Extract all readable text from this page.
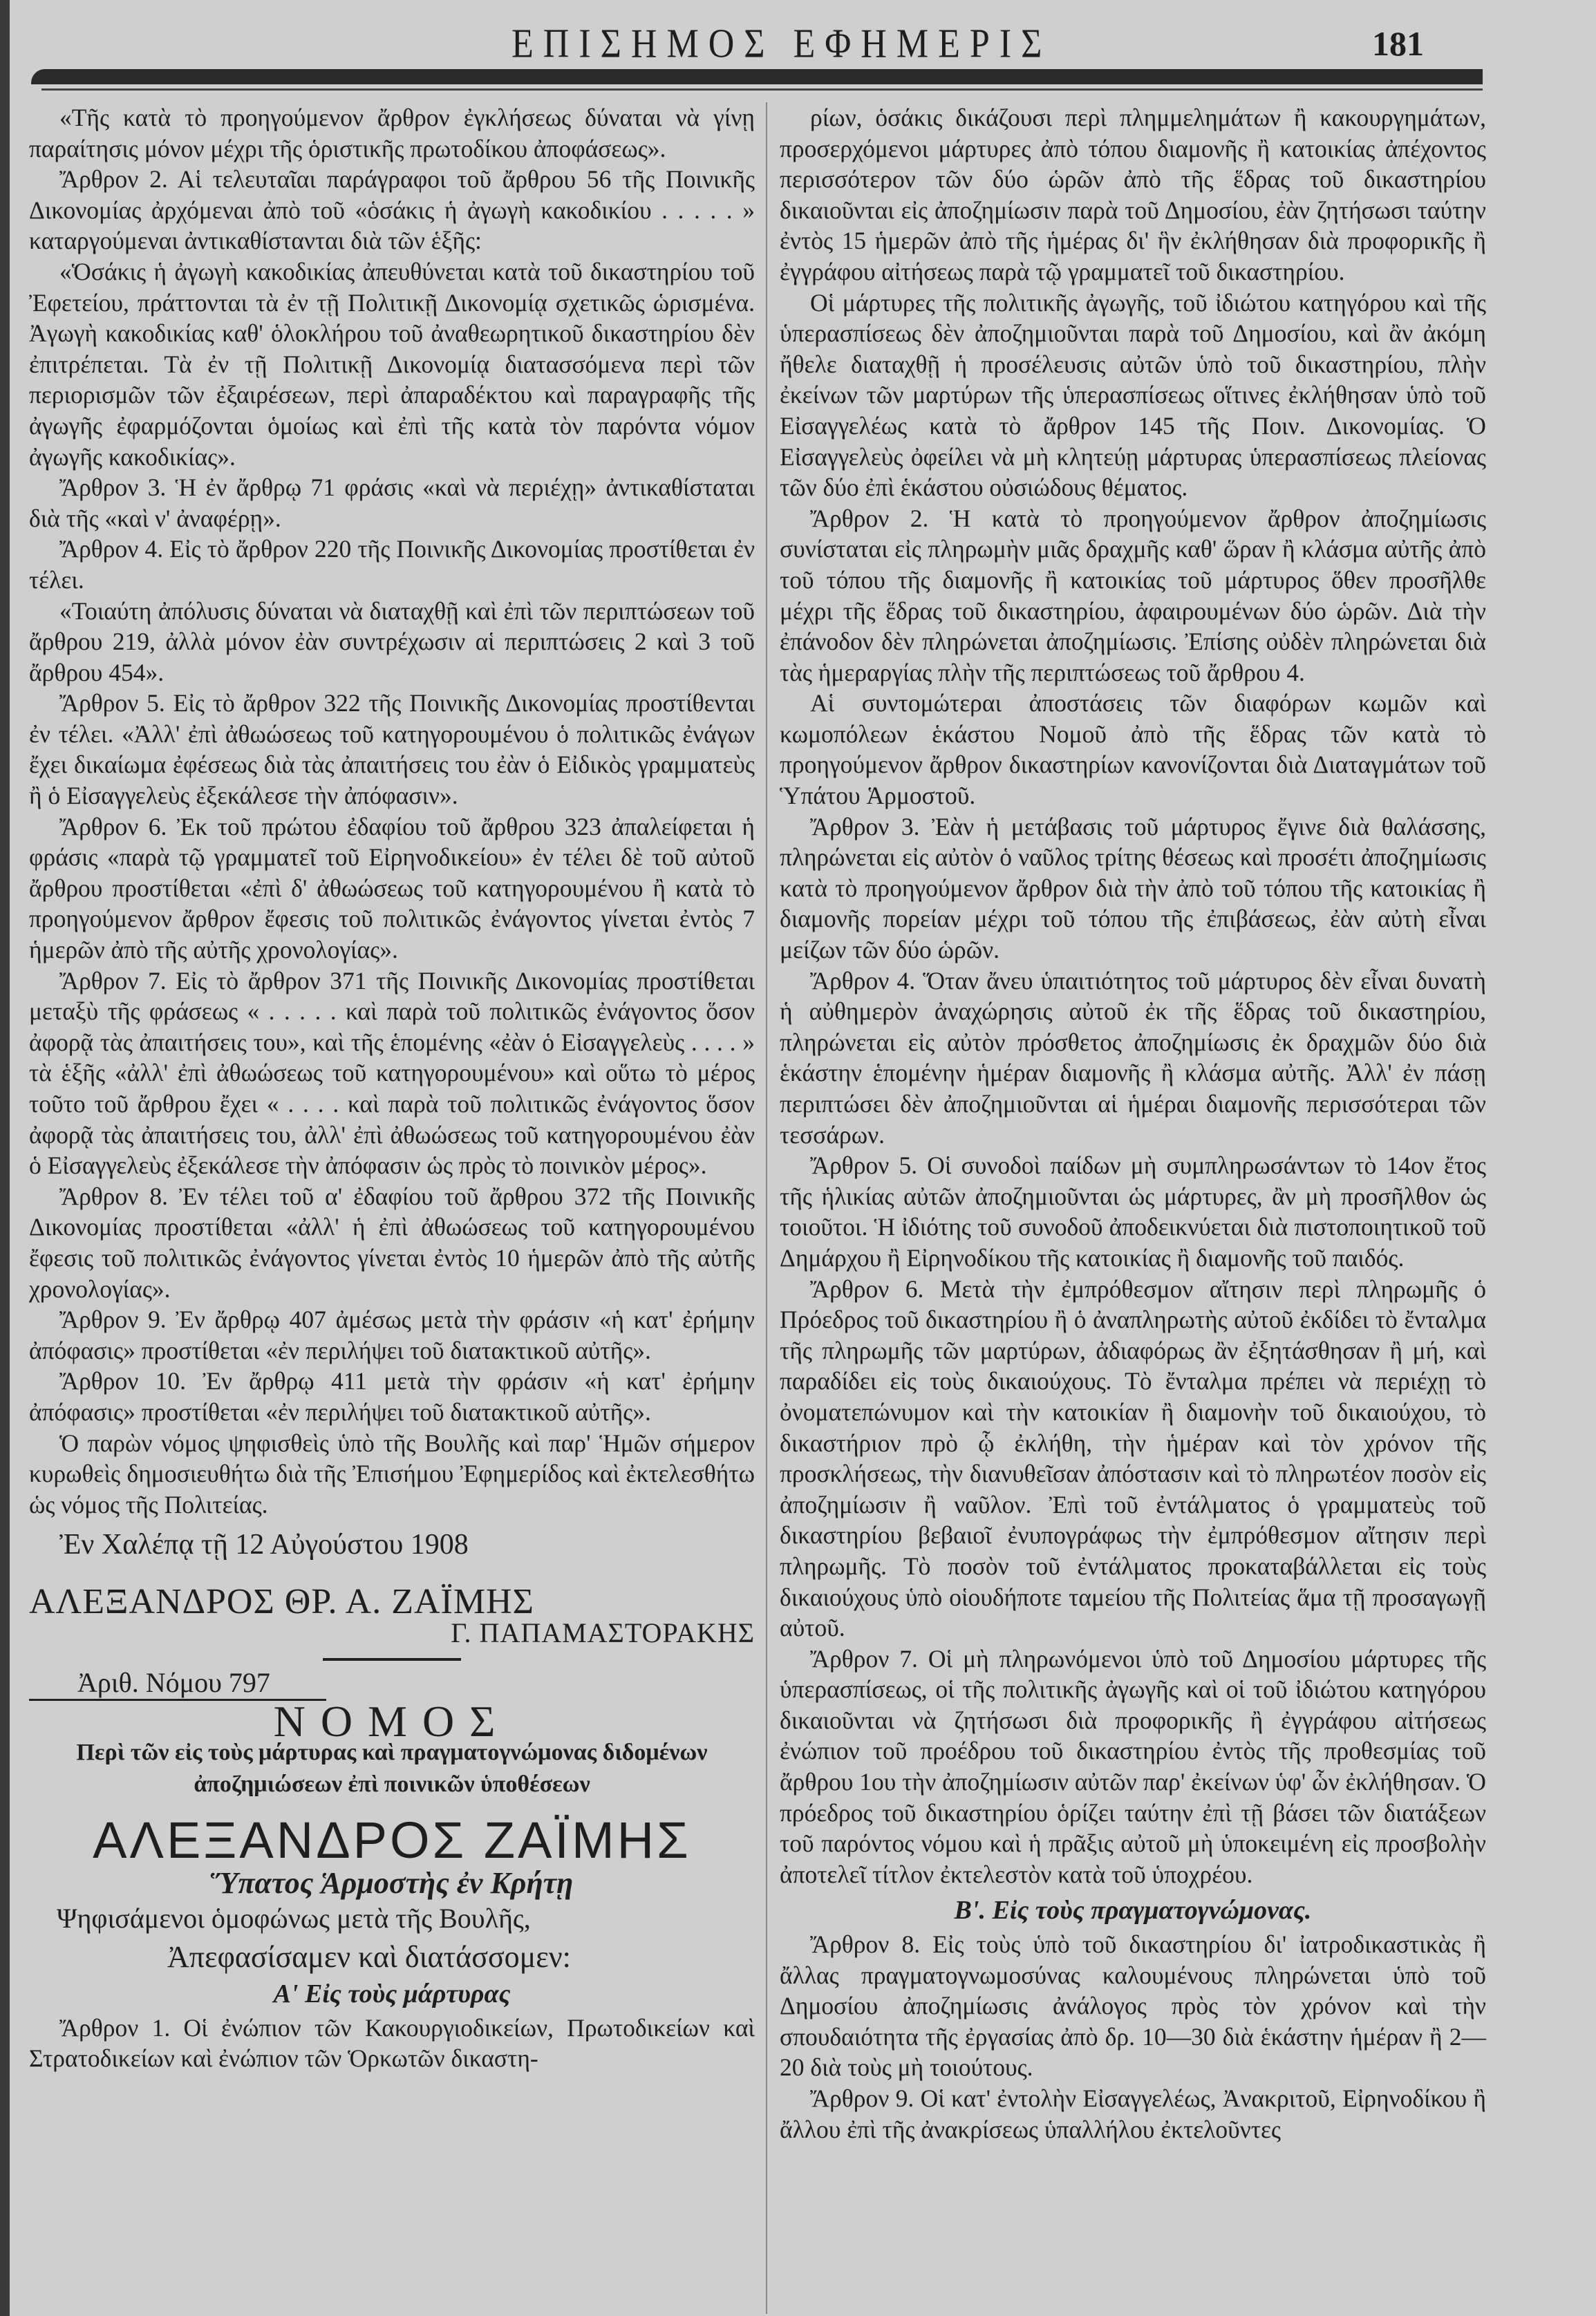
ΕΠΙΣΗΜΟΣ ΕΦΗΜΕΡΙΣ	181

«Τῆς κατὰ τὸ προηγούμενον ἄρθρον ἐγκλήσεως δύναται νὰ γίνῃ παραίτησις μόνον μέχρι τῆς ὁριστικῆς πρωτοδίκου ἀποφάσεως».

Ἄρθρον 2. Αἱ τελευταῖαι παράγραφοι τοῦ ἄρθρου 56 τῆς Ποινικῆς Δικονομίας ἀρχόμεναι ἀπὸ τοῦ «ὁσάκις ἡ ἀγωγὴ κακοδικίου . . . . . » καταργούμεναι ἀντικαθίστανται διὰ τῶν ἑξῆς:

«Ὁσάκις ἡ ἀγωγὴ κακοδικίας ἀπευθύνεται κατὰ τοῦ δικαστηρίου τοῦ Ἐφετείου, πράττονται τὰ ἐν τῇ Πολιτικῇ Δικονομίᾳ σχετικῶς ὡρισμένα. Ἀγωγὴ κακοδικίας καθ' ὁλοκλήρου τοῦ ἀναθεωρητικοῦ δικαστηρίου δὲν ἐπιτρέπεται. Τὰ ἐν τῇ Πολιτικῇ Δικονομίᾳ διατασσόμενα περὶ τῶν περιορισμῶν τῶν ἐξαιρέσεων, περὶ ἀπαραδέκτου καὶ παραγραφῆς τῆς ἀγωγῆς ἐφαρμόζονται ὁμοίως καὶ ἐπὶ τῆς κατὰ τὸν παρόντα νόμον ἀγωγῆς κακοδικίας».

Ἄρθρον 3. Ἡ ἐν ἄρθρῳ 71 φράσις «καὶ νὰ περιέχῃ» ἀντικαθίσταται διὰ τῆς «καὶ ν' ἀναφέρῃ».

Ἄρθρον 4. Εἰς τὸ ἄρθρον 220 τῆς Ποινικῆς Δικονομίας προστίθεται ἐν τέλει.

«Τοιαύτη ἀπόλυσις δύναται νὰ διαταχθῇ καὶ ἐπὶ τῶν περιπτώσεων τοῦ ἄρθρου 219, ἀλλὰ μόνον ἐὰν συντρέχωσιν αἱ περιπτώσεις 2 καὶ 3 τοῦ ἄρθρου 454».

Ἄρθρον 5. Εἰς τὸ ἄρθρον 322 τῆς Ποινικῆς Δικονομίας προστίθενται ἐν τέλει. «Ἀλλ' ἐπὶ ἀθωώσεως τοῦ κατηγορουμένου ὁ πολιτικῶς ἐνάγων ἔχει δικαίωμα ἐφέσεως διὰ τὰς ἀπαιτήσεις του ἐὰν ὁ Εἰδικὸς γραμματεὺς ἢ ὁ Εἰσαγγελεὺς ἐξεκάλεσε τὴν ἀπόφασιν».

Ἄρθρον 6. Ἐκ τοῦ πρώτου ἐδαφίου τοῦ ἄρθρου 323 ἀπαλείφεται ἡ φράσις «παρὰ τῷ γραμματεῖ τοῦ Εἰρηνοδικείου» ἐν τέλει δὲ τοῦ αὐτοῦ ἄρθρου προστίθεται «ἐπὶ δ' ἀθωώσεως τοῦ κατηγορουμένου ἢ κατὰ τὸ προηγούμενον ἄρθρον ἔφεσις τοῦ πολιτικῶς ἐνάγοντος γίνεται ἐντὸς 7 ἡμερῶν ἀπὸ τῆς αὐτῆς χρονολογίας».

Ἄρθρον 7. Εἰς τὸ ἄρθρον 371 τῆς Ποινικῆς Δικονομίας προστίθεται μεταξὺ τῆς φράσεως « . . . . . καὶ παρὰ τοῦ πολιτικῶς ἐνάγοντος ὅσον ἀφορᾷ τὰς ἀπαιτήσεις του», καὶ τῆς ἑπομένης «ἐὰν ὁ Εἰσαγγελεὺς . . . . » τὰ ἑξῆς «ἀλλ' ἐπὶ ἀθωώσεως τοῦ κατηγορουμένου» καὶ οὕτω τὸ μέρος τοῦτο τοῦ ἄρθρου ἔχει « . . . . καὶ παρὰ τοῦ πολιτικῶς ἐνάγοντος ὅσον ἀφορᾷ τὰς ἀπαιτήσεις του, ἀλλ' ἐπὶ ἀθωώσεως τοῦ κατηγορουμένου ἐὰν ὁ Εἰσαγγελεὺς ἐξεκάλεσε τὴν ἀπόφασιν ὡς πρὸς τὸ ποινικὸν μέρος».

Ἄρθρον 8. Ἐν τέλει τοῦ α' ἐδαφίου τοῦ ἄρθρου 372 τῆς Ποινικῆς Δικονομίας προστίθεται «ἀλλ' ἡ ἐπὶ ἀθωώσεως τοῦ κατηγορουμένου ἔφεσις τοῦ πολιτικῶς ἐνάγοντος γίνεται ἐντὸς 10 ἡμερῶν ἀπὸ τῆς αὐτῆς χρονολογίας».

Ἄρθρον 9. Ἐν ἄρθρῳ 407 ἀμέσως μετὰ τὴν φράσιν «ἡ κατ' ἐρήμην ἀπόφασις» προστίθεται «ἐν περιλήψει τοῦ διατακτικοῦ αὐτῆς».

Ἄρθρον 10. Ἐν ἄρθρῳ 411 μετὰ τὴν φράσιν «ἡ κατ' ἐρήμην ἀπόφασις» προστίθεται «ἐν περιλήψει τοῦ διατακτικοῦ αὐτῆς».

Ὁ παρὼν νόμος ψηφισθεὶς ὑπὸ τῆς Βουλῆς καὶ παρ' Ἡμῶν σήμερον κυρωθεὶς δημοσιευθήτω διὰ τῆς Ἐπισήμου Ἐφημερίδος καὶ ἐκτελεσθήτω ὡς νόμος τῆς Πολιτείας.

Ἐν Χαλέπᾳ τῇ 12 Αὐγούστου 1908
ΑΛΕΞΑΝΔΡΟΣ ΘΡ. Α. ΖΑΪΜΗΣ
Γ. ΠΑΠΑΜΑΣΤΟΡΑΚΗΣ
Ἀριθ. Νόμου 797
ΝΟΜΟΣ
Περὶ τῶν εἰς τοὺς μάρτυρας καὶ πραγματογνώμονας διδομένων ἀποζημιώσεων ἐπὶ ποινικῶν ὑποθέσεων
ΑΛΕΞΑΝΔΡΟΣ ΖΑΪΜΗΣ
Ὕπατος Ἁρμοστὴς ἐν Κρήτῃ
Ψηφισάμενοι ὁμοφώνως μετὰ τῆς Βουλῆς,
Ἀπεφασίσαμεν καὶ διατάσσομεν:
Α' Εἰς τοὺς μάρτυρας

Ἄρθρον 1. Οἱ ἐνώπιον τῶν Κακουργιοδικείων, Πρωτοδικείων καὶ Στρατοδικείων καὶ ἐνώπιον τῶν Ὁρκωτῶν δικαστη-

ρίων, ὁσάκις δικάζουσι περὶ πλημμελημάτων ἢ κακουργημάτων, προσερχόμενοι μάρτυρες ἀπὸ τόπου διαμονῆς ἢ κατοικίας ἀπέχοντος περισσότερον τῶν δύο ὡρῶν ἀπὸ τῆς ἕδρας τοῦ δικαστηρίου δικαιοῦνται εἰς ἀποζημίωσιν παρὰ τοῦ Δημοσίου, ἐὰν ζητήσωσι ταύτην ἐντὸς 15 ἡμερῶν ἀπὸ τῆς ἡμέρας δι' ἣν ἐκλήθησαν διὰ προφορικῆς ἢ ἐγγράφου αἰτήσεως παρὰ τῷ γραμματεῖ τοῦ δικαστηρίου.

Οἱ μάρτυρες τῆς πολιτικῆς ἀγωγῆς, τοῦ ἰδιώτου κατηγόρου καὶ τῆς ὑπερασπίσεως δὲν ἀποζημιοῦνται παρὰ τοῦ Δημοσίου, καὶ ἂν ἀκόμη ἤθελε διαταχθῇ ἡ προσέλευσις αὐτῶν ὑπὸ τοῦ δικαστηρίου, πλὴν ἐκείνων τῶν μαρτύρων τῆς ὑπερασπίσεως οἵτινες ἐκλήθησαν ὑπὸ τοῦ Εἰσαγγελέως κατὰ τὸ ἄρθρον 145 τῆς Ποιν. Δικονομίας. Ὁ Εἰσαγγελεὺς ὀφείλει νὰ μὴ κλητεύῃ μάρτυρας ὑπερασπίσεως πλείονας τῶν δύο ἐπὶ ἑκάστου οὐσιώδους θέματος.

Ἄρθρον 2. Ἡ κατὰ τὸ προηγούμενον ἄρθρον ἀποζημίωσις συνίσταται εἰς πληρωμὴν μιᾶς δραχμῆς καθ' ὥραν ἢ κλάσμα αὐτῆς ἀπὸ τοῦ τόπου τῆς διαμονῆς ἢ κατοικίας τοῦ μάρτυρος ὅθεν προσῆλθε μέχρι τῆς ἕδρας τοῦ δικαστηρίου, ἀφαιρουμένων δύο ὡρῶν. Διὰ τὴν ἐπάνοδον δὲν πληρώνεται ἀποζημίωσις. Ἐπίσης οὐδὲν πληρώνεται διὰ τὰς ἡμεραργίας πλὴν τῆς περιπτώσεως τοῦ ἄρθρου 4.

Αἱ συντομώτεραι ἀποστάσεις τῶν διαφόρων κωμῶν καὶ κωμοπόλεων ἑκάστου Νομοῦ ἀπὸ τῆς ἕδρας τῶν κατὰ τὸ προηγούμενον ἄρθρον δικαστηρίων κανονίζονται διὰ Διαταγμάτων τοῦ Ὑπάτου Ἁρμοστοῦ.

Ἄρθρον 3. Ἐὰν ἡ μετάβασις τοῦ μάρτυρος ἔγινε διὰ θαλάσσης, πληρώνεται εἰς αὐτὸν ὁ ναῦλος τρίτης θέσεως καὶ προσέτι ἀποζημίωσις κατὰ τὸ προηγούμενον ἄρθρον διὰ τὴν ἀπὸ τοῦ τόπου τῆς κατοικίας ἢ διαμονῆς πορείαν μέχρι τοῦ τόπου τῆς ἐπιβάσεως, ἐὰν αὐτὴ εἶναι μείζων τῶν δύο ὡρῶν.

Ἄρθρον 4. Ὅταν ἄνευ ὑπαιτιότητος τοῦ μάρτυρος δὲν εἶναι δυνατὴ ἡ αὐθημερὸν ἀναχώρησις αὐτοῦ ἐκ τῆς ἕδρας τοῦ δικαστηρίου, πληρώνεται εἰς αὐτὸν πρόσθετος ἀποζημίωσις ἐκ δραχμῶν δύο διὰ ἑκάστην ἑπομένην ἡμέραν διαμονῆς ἢ κλάσμα αὐτῆς. Ἀλλ' ἐν πάσῃ περιπτώσει δὲν ἀποζημιοῦνται αἱ ἡμέραι διαμονῆς περισσότεραι τῶν τεσσάρων.

Ἄρθρον 5. Οἱ συνοδοὶ παίδων μὴ συμπληρωσάντων τὸ 14ον ἔτος τῆς ἡλικίας αὐτῶν ἀποζημιοῦνται ὡς μάρτυρες, ἂν μὴ προσῆλθον ὡς τοιοῦτοι. Ἡ ἰδιότης τοῦ συνοδοῦ ἀποδεικνύεται διὰ πιστοποιητικοῦ τοῦ Δημάρχου ἢ Εἰρηνοδίκου τῆς κατοικίας ἢ διαμονῆς τοῦ παιδός.

Ἄρθρον 6. Μετὰ τὴν ἐμπρόθεσμον αἴτησιν περὶ πληρωμῆς ὁ Πρόεδρος τοῦ δικαστηρίου ἢ ὁ ἀναπληρωτὴς αὐτοῦ ἐκδίδει τὸ ἔνταλμα τῆς πληρωμῆς τῶν μαρτύρων, ἀδιαφόρως ἂν ἐξητάσθησαν ἢ μή, καὶ παραδίδει εἰς τοὺς δικαιούχους. Τὸ ἔνταλμα πρέπει νὰ περιέχῃ τὸ ὀνοματεπώνυμον καὶ τὴν κατοικίαν ἢ διαμονὴν τοῦ δικαιούχου, τὸ δικαστήριον πρὸ ᾧ ἐκλήθη, τὴν ἡμέραν καὶ τὸν χρόνον τῆς προσκλήσεως, τὴν διανυθεῖσαν ἀπόστασιν καὶ τὸ πληρωτέον ποσὸν εἰς ἀποζημίωσιν ἢ ναῦλον. Ἐπὶ τοῦ ἐντάλματος ὁ γραμματεὺς τοῦ δικαστηρίου βεβαιοῖ ἐνυπογράφως τὴν ἐμπρόθεσμον αἴτησιν περὶ πληρωμῆς. Τὸ ποσὸν τοῦ ἐντάλματος προκαταβάλλεται εἰς τοὺς δικαιούχους ὑπὸ οἱουδήποτε ταμείου τῆς Πολιτείας ἅμα τῇ προσαγωγῇ αὐτοῦ.

Ἄρθρον 7. Οἱ μὴ πληρωνόμενοι ὑπὸ τοῦ Δημοσίου μάρτυρες τῆς ὑπερασπίσεως, οἱ τῆς πολιτικῆς ἀγωγῆς καὶ οἱ τοῦ ἰδιώτου κατηγόρου δικαιοῦνται νὰ ζητήσωσι διὰ προφορικῆς ἢ ἐγγράφου αἰτήσεως ἐνώπιον τοῦ προέδρου τοῦ δικαστηρίου ἐντὸς τῆς προθεσμίας τοῦ ἄρθρου 1ου τὴν ἀποζημίωσιν αὐτῶν παρ' ἐκείνων ὑφ' ὧν ἐκλήθησαν. Ὁ πρόεδρος τοῦ δικαστηρίου ὁρίζει ταύτην ἐπὶ τῇ βάσει τῶν διατάξεων τοῦ παρόντος νόμου καὶ ἡ πρᾶξις αὐτοῦ μὴ ὑποκειμένη εἰς προσβολὴν ἀποτελεῖ τίτλον ἐκτελεστὸν κατὰ τοῦ ὑποχρέου.

Β'. Εἰς τοὺς πραγματογνώμονας.

Ἄρθρον 8. Εἰς τοὺς ὑπὸ τοῦ δικαστηρίου δι' ἰατροδικαστικὰς ἢ ἄλλας πραγματογνωμοσύνας καλουμένους πληρώνεται ὑπὸ τοῦ Δημοσίου ἀποζημίωσις ἀνάλογος πρὸς τὸν χρόνον καὶ τὴν σπουδαιότητα τῆς ἐργασίας ἀπὸ δρ. 10—30 διὰ ἑκάστην ἡμέραν ἢ 2—20 διὰ τοὺς μὴ τοιούτους.

Ἄρθρον 9. Οἱ κατ' ἐντολὴν Εἰσαγγελέως, Ἀνακριτοῦ, Εἰρηνοδίκου ἢ ἄλλου ἐπὶ τῆς ἀνακρίσεως ὑπαλλήλου ἐκτελοῦντες
